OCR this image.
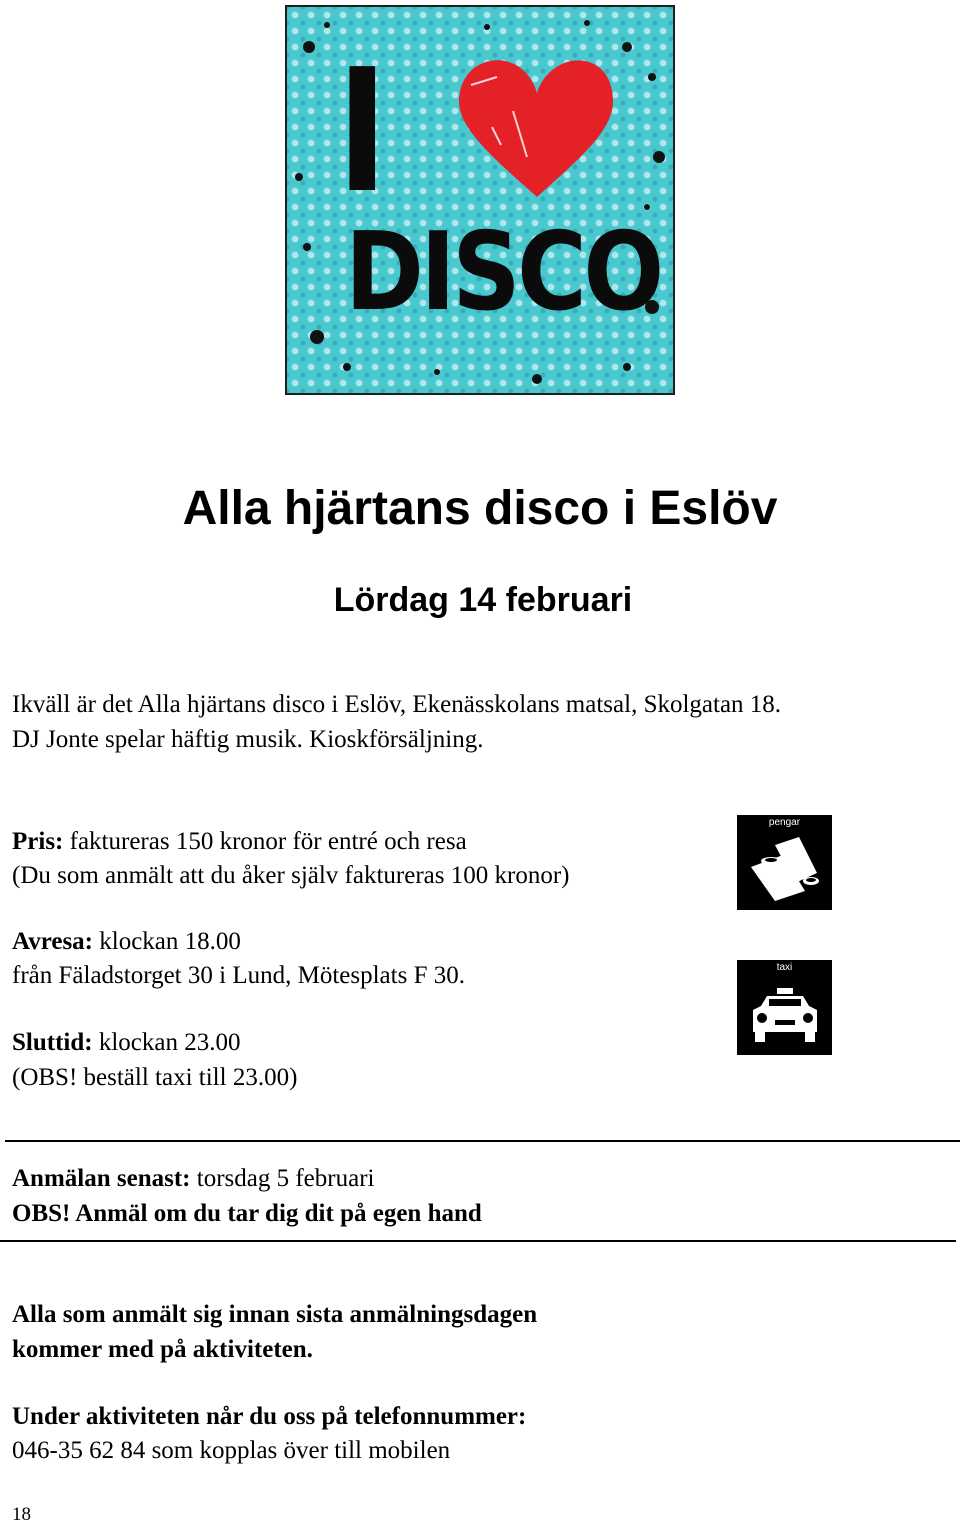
I
DISCO
Alla hjärtans disco i Eslöv
Lördag 14 februari

Ikväll är det Alla hjärtans disco i Eslöv, Ekenässkolans matsal, Skolgatan 18.

DJ Jonte spelar häftig musik. Kioskförsäljning.

Pris: faktureras 150 kronor för entré och resa

(Du som anmält att du åker själv faktureras 100 kronor)

Avresa: klockan 18.00

från Fäladstorget 30 i Lund, Mötesplats F 30.

Sluttid: klockan 23.00

(OBS! beställ taxi till 23.00)

pengar
taxi

Anmälan senast: torsdag 5 februari

OBS! Anmäl om du tar dig dit på egen hand

Alla som anmält sig innan sista anmälningsdagen

kommer med på aktiviteten.

Under aktiviteten når du oss på telefonnummer:

046-35 62 84 som kopplas över till mobilen

18
